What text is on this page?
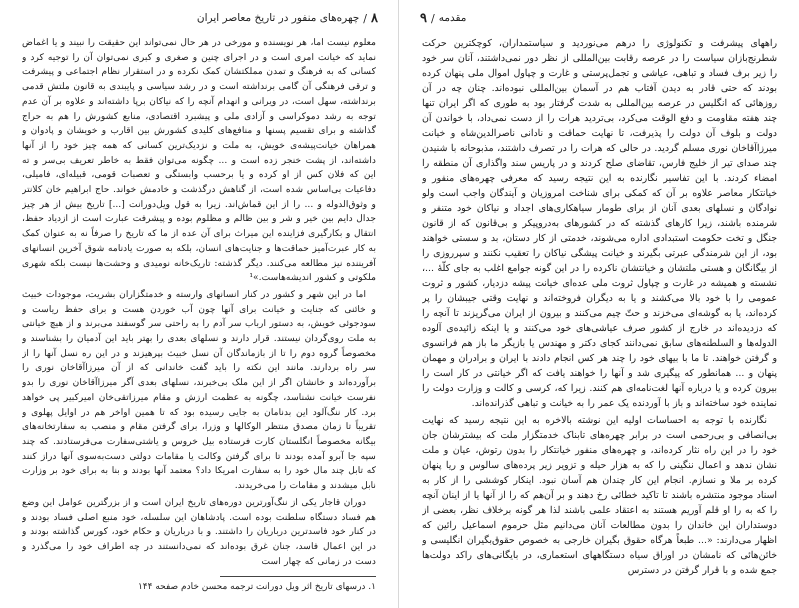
۸
/
چهره‌های منفور در تاریخ معاصر ایران

معلوم نیست اما، هر نویسنده و مورخی در هر حال نمی‌تواند این حقیقت را نبیند و یا اغماض نماید که خیانت امری است و در اجرای چنین و صغری و کبری نمی‌توان آن را توجیه کرد و کسانی که به فرهنگ و تمدن مملکتشان کمک نکرده و در استقرار نظام اجتماعی و پیشرفت و ترقی فرهنگی آن گامی برنداشته است و در رشد سیاسی و پایبندی به قانون ملتش قدمی برنداشته، سهل است، در ویرانی و انهدام آنچه را که نیاکان برپا داشته‌اند و علاوه بر آن عدم توجه به رشد دموکراسی و آزادی ملی و پیشبرد اقتصادی، منابع کشورش را هم به حراج گذاشته و برای تقسیم پسنها و منافع‌های کلیدی کشورش بین اقارب و خویشان و پادوان و همراهان خیانت‌پیشه‌ی خویش، به ملت و نزدیک‌ترین کسانی که همه چیز خود را از آنها داشته‌اند، از پشت خنجر زده است و ... چگونه می‌توان فقط به خاطر تعریف بی‌سر و ته این که فلان کس از او کرده و یا برحسب وابستگی و تعصبات قومی، قبیله‌ای، فامیلی، دفاعیات بی‌اساس شده است، از گناهش درگذشت و خادمش خواند. حاج ابراهیم خان کلانتر و وثوق‌الدوله و ... را از این قماش‌اند. زیرا به قول ویل‌دورانت [...] تاریخ بیش از هر چیز جدال دایم بین خیر و شر و بین ظالم و مظلوم بوده و پیشرفت عبارت است از ازدیاد حفظ، انتقال و بکارگیری فزاینده این میراث برای آن عده از ما که تاریخ را صرفاً نه به عنوان کمک به کار عبرت‌آمیز حماقت‌ها و جنایت‌های انسان، بلکه به صورت یادنامه شوق آخرین انسانهای آفریننده نیز مطالعه می‌کنند. دیگر گذشته: تاریک‌خانه نومیدی و وحشت‌ها نیست بلکه شهری ملکوتی و کشور اندیشه‌هاست.»¹

اما در این شهر و کشور در کنار انسانهای وارسته و خدمتگزاران بشریت، موجودات خبیث و خائنی که جنایت و خیانت برای آنها چون آب خوردن هست و برای حفظ ریاست و سودجوئی خویش، به دستور ارباب سر آدم را به راحتی سر گوسفند می‌برند و از هیچ خیانتی به ملت روی‌گردان نیستند. قرار دارند و نسلهای بعدی را بهتر باید این آدمیان را بشناسند و مخصوصاً گروه دوم را تا از بازماندگان آن نسل خبیث بپرهیزند و در این ره نسل آنها را از سر راه بردارند. مانند این نکته را باید گفت خاندانی که از آن میرزاآقاخان نوری را برآورده‌اند و خانشان اگر از این ملک بی‌خبرند، نسلهای بعدی آگر میرزاآقاخان نوری را بدو نفرست خیانت نشناسد، چگونه به عظمت ارزش و مقام میرزاتقی‌خان امیرکبیر پی خواهد برد. کار ننگ‌آلود این بدنامان به جایی رسیده بود که تا همین اواخر هم در اوایل پهلوی و تقریباً تا زمان مصدق منتظر الوکالها و وزرا، برای گرفتن مقام و منصب به سفارتخانه‌های بیگانه مخصوصاً انگلستان کارت فرستاده بیل خروس و یاشتی‌سفارت می‌فرستادند. که چند سپه جا آبرو آمده بودند تا برای گرفتن وکالت یا مقامات دولتی دست‌به‌سوی آنها دراز کنند که تابل چند مال خود را به سفارت امریکا داد؟ معتمد آنها بودند و بنا به برای خود بر وزارت نابل میشدند و مقامات را می‌خریدند.

دوران قاجار یکی از ننگ‌آورترین دوره‌های تاریخ ایران است و از بزرگترین عوامل این وضع هم فساد دستگاه سلطنت بوده است. پادشاهان این سلسله، خود منبع اصلی فساد بودند و در کنار خود فاسد‌ترین درباریان را داشتند. و با درباریان و حکام خود، کورس گذاشته بودند و در این اعمال فاسد، جنان غرق بوده‌اند که نمی‌دانستند در چه اطراف خود را می‌گذرد و دست در زمانی که چهار است

۱. درسهای تاریخ اثر ویل دورانت ترجمه محسن خادم صفحه ۱۴۴
مقدمه
/
۹

راههای پیشرفت و تکنولوژی را درهم می‌نوردید و سیاستمداران، کوچکترین حرکت شطرنج‌بازان سیاست را در عرصه رقابت بین‌المللی از نظر دور نمی‌داشتند، آنان سر خود را زیر برف فساد و تباهی، عیاشی و تجمل‌پرستی و غارت و چپاول اموال ملی پنهان کرده بودند که حتی قادر به دیدن آفتاب هم در آسمان بین‌المللی نبوده‌اند. چنان چه در آن روزهائی که انگلیس در عرصه بین‌المللی به شدت گرفتار بود به طوری که اگر ایران تنها چند هفته مقاومت و دفع الوقت می‌کرد، بی‌تردید هرات را از دست نمی‌داد، با خواندن آن دولت و بلوف آن دولت را پذیرفت، تا نهایت حماقت و نادانی ناصرالدین‌شاه و خیانت میرزاآقاخان نوری مسلم گردید. در حالی که هرات را در تصرف داشتند، مذبوحانه با شنیدن چند صدای تیر از خلیج فارس، تقاضای صلح کردند و در پاریس سند واگذاری آن منطقه را امضاء کردند. با این تفاسیر نگارنده به این نتیجه رسید که معرفی چهره‌های منفور و خیانتکار معاصر علاوه بر آن که کمکی برای شناخت امروزیان و آیندگان واجب است ولو نوادگان و نسلهای بعدی آنان از برای طومار سیاهکاری‌های اجداد و نیاکان خود متنفر و شرمنده باشند، زیرا کارهای گذشته که در کشورهای به‌دروپیکر و بی‌قانون که از قانون جنگل و تخت حکومت استبدادی اداره می‌شوند، خدمتی از کار دستان، بد و سستی خواهند بود، از این شرمندگی عبرتی بگیرند و خیانت پیشگی نیاکان را تعقیب نکنند و سپرروزی را از بیگانگان و هستی ملتشان و خیانتشان ناکرده را در این گونه جوامع اغلب به جای کلّهٔ ...، نشسته و همیشه در غارت و چپاول ثروت ملی عده‌ای خیانت پیشه دزدیار، کشور و ثروت عمومی را با خود بالا می‌کشند و یا به دیگران فروخته‌اند و نهایت وقتی جیبشان را پر کرده‌اند، یا به گوشه‌ای می‌خزند و حتّ چیم می‌کنند و بیرون از ایران می‌گریزند تا آنچه را که دزدیده‌اند در خارج از کشور صرف عیاشی‌های خود می‌کنند و یا اینکه زائیده‌ی آلوده الدوله‌ها و السلطنه‌های سابق نمی‌دانند کجای دکتر و مهندس یا بازیگر ما باز هم فرانسوی و گرفتن خواهند. تا ما با بیهای خود را چند هر کس انجام دادند با ایران و برادران و مهمان پنهان و ... همانطور که پیگیری شد و آنها را خواهند یافت که اگر خیانتی در کار است را بیرون کرده و یا درباره آنها لغت‌نامه‌ای هم کنند. زیرا که، کرسی و کالت و وزارت دولت را نماینده خود ساخته‌اند و باز با آوردنده یک عمر را به خیانت و تباهی گذرانده‌اند.

نگارنده با توجه به احساسات اولیه این نوشته بالاخره به این نتیجه رسید که نهایت بی‌انصافی و بی‌رحمی است در برابر چهره‌های تابناک خدمتگزار ملت که بیشترشان جان خود را در این راه نثار کرده‌اند، و چهره‌های منفور خیانتکار را بدون رتوش، عیان و ملت نشان ندهد و اعمال ننگینی را که به هزار حیله و تزویر زیر پرده‌های سالوس و ریا پنهان کرده بر ملا و نسازم. انجام این کار چندان هم آسان نبود. اینکار کوششی را از کار به اسناد موجود منتشره باشند تا تاکید خطائی رخ دهند و بر آن‌هم که را از آنها یا از اینان آنچه را که به را او قلم آوریم هستند به اعتقاد علمی باشند لذا هر گونه برخلاف نظر، بعضی از دوستداران این خاندان را بدون مطالعات آنان می‌دانیم مثل حرموم اسماعیل رائین که اظهار می‌دارند: «... طبعاً هرگاه حقوق بگیران خارجی به خصوص حقوق‌بگیران انگلیسی و خائن‌هائی که نامشان در اوراق سیاه دستگاههای استعماری، در بایگانی‌های راکد دولت‌ها جمع شده و با قرار گرفتن در دسترس
